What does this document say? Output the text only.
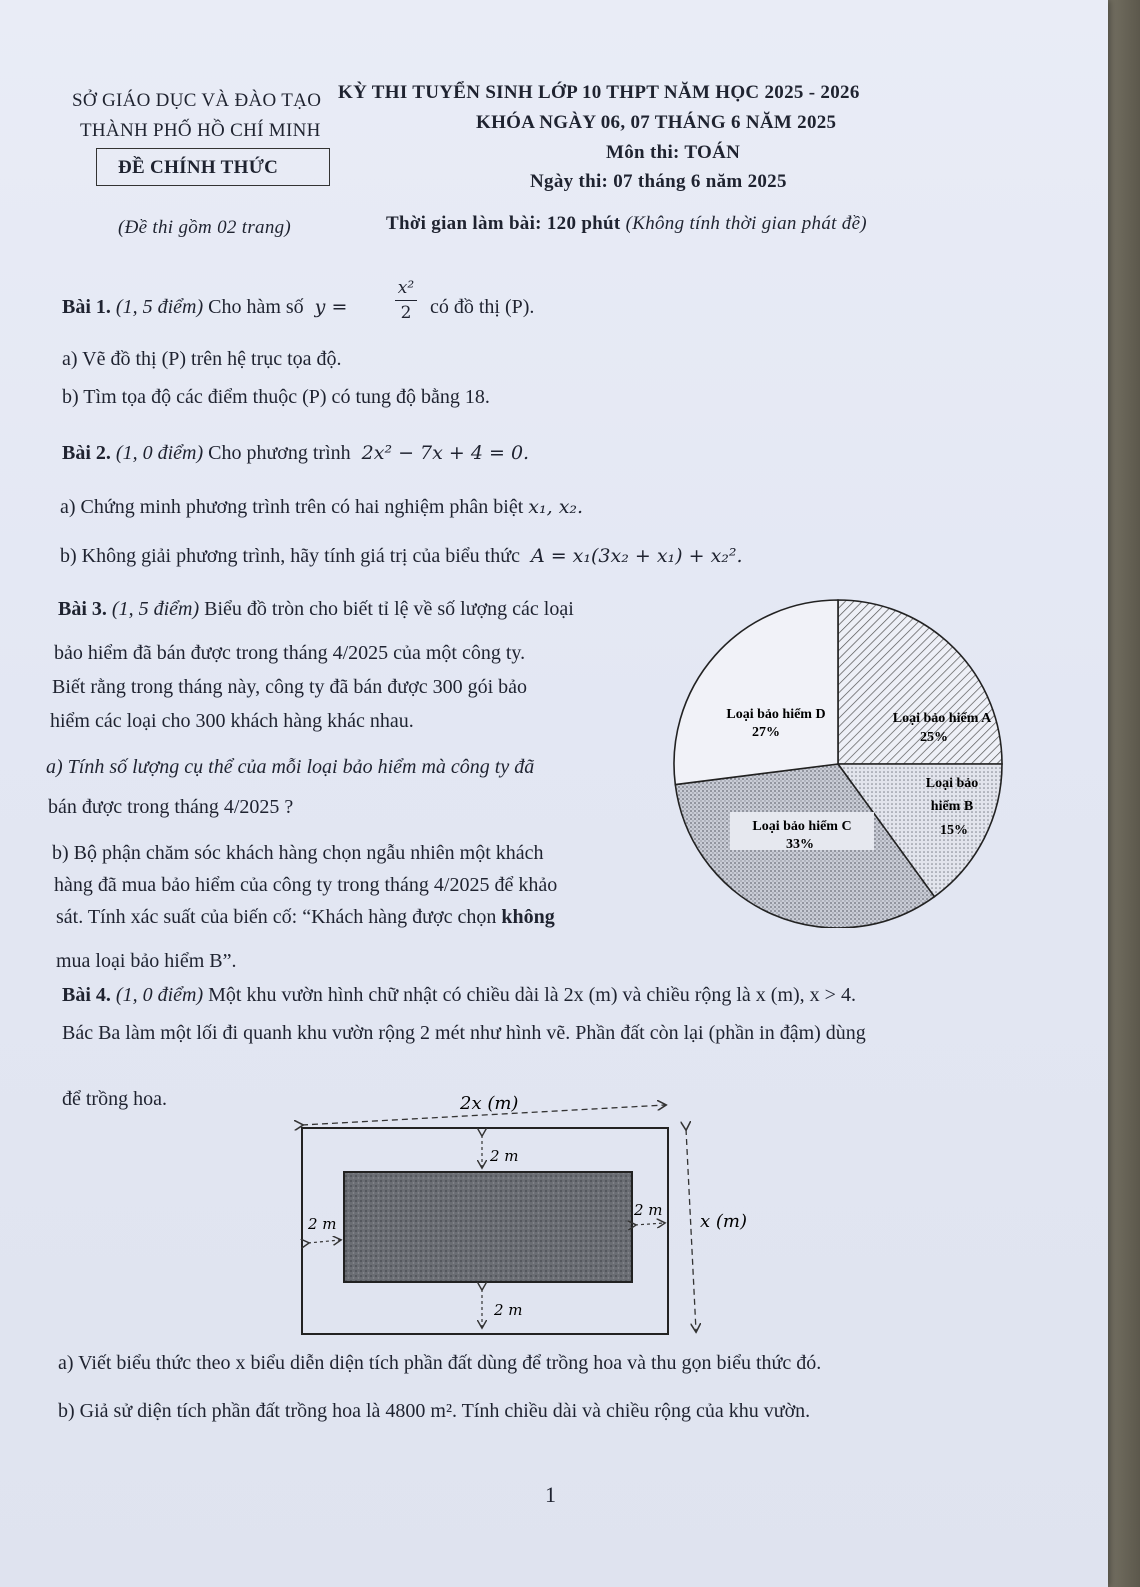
SỞ GIÁO DỤC VÀ ĐÀO TẠO
THÀNH PHỐ HỒ CHÍ MINH
ĐỀ CHÍNH THỨC
(Đề thi gồm 02 trang)
KỲ THI TUYỂN SINH LỚP 10 THPT NĂM HỌC 2025 - 2026
KHÓA NGÀY 06, 07 THÁNG 6 NĂM 2025
Môn thi: TOÁN
Ngày thi: 07 tháng 6 năm 2025
Thời gian làm bài: 120 phút (Không tính thời gian phát đề)
Bài 1. (1, 5 điểm) Cho hàm số y =
x²
2 có đồ thị (P).
a) Vẽ đồ thị (P) trên hệ trục tọa độ.
b) Tìm tọa độ các điểm thuộc (P) có tung độ bằng 18.
Bài 2. (1, 0 điểm) Cho phương trình 2x² − 7x + 4 = 0.
a) Chứng minh phương trình trên có hai nghiệm phân biệt x₁, x₂.
b) Không giải phương trình, hãy tính giá trị của biểu thức A = x₁(3x₂ + x₁) + x₂².
Bài 3. (1, 5 điểm) Biểu đồ tròn cho biết tỉ lệ về số lượng các loại
bảo hiểm đã bán được trong tháng 4/2025 của một công ty.
Biết rằng trong tháng này, công ty đã bán được 300 gói bảo
hiểm các loại cho 300 khách hàng khác nhau.
a) Tính số lượng cụ thể của mỗi loại bảo hiểm mà công ty đã
bán được trong tháng 4/2025 ?
b) Bộ phận chăm sóc khách hàng chọn ngẫu nhiên một khách
hàng đã mua bảo hiểm của công ty trong tháng 4/2025 để khảo
sát. Tính xác suất của biến cố: “Khách hàng được chọn không
mua loại bảo hiểm B”.
Loại bảo hiểm D
27%
Loại bảo hiểm A
25%
Loại bảo
hiểm B
15%
Loại bảo hiểm C
33%
Bài 4. (1, 0 điểm) Một khu vườn hình chữ nhật có chiều dài là 2x (m) và chiều rộng là x (m), x > 4.
Bác Ba làm một lối đi quanh khu vườn rộng 2 mét như hình vẽ. Phần đất còn lại (phần in đậm) dùng
để trồng hoa.	2x (m)
2 m
2 m
2 m
2 m
x (m)
a) Viết biểu thức theo x biểu diễn diện tích phần đất dùng để trồng hoa và thu gọn biểu thức đó.
b) Giả sử diện tích phần đất trồng hoa là 4800 m². Tính chiều dài và chiều rộng của khu vườn.
1
